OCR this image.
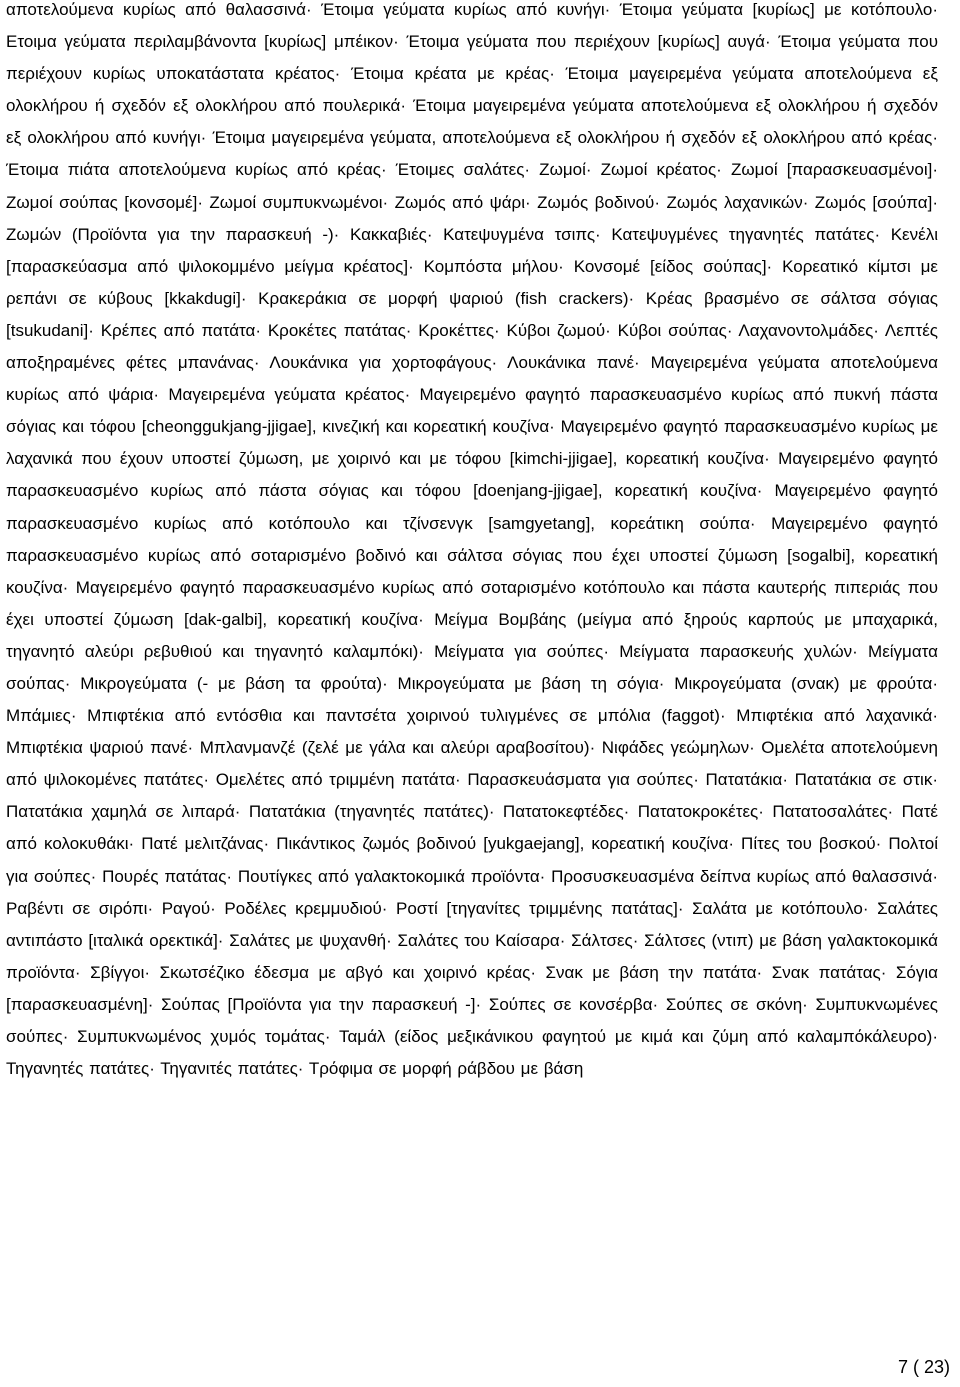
αποτελούμενα κυρίως από θαλασσινά· Έτοιμα γεύματα κυρίως από κυνήγι· Έτοιμα γεύματα [κυρίως] με κοτόπουλο· Ετοιμα γεύματα περιλαμβάνοντα [κυρίως] μπέικον· Έτοιμα γεύματα που περιέχουν [κυρίως] αυγά· Έτοιμα γεύματα που περιέχουν κυρίως υποκατάστατα κρέατος· Έτοιμα κρέατα με κρέας· Έτοιμα μαγειρεμένα γεύματα αποτελούμενα εξ ολοκλήρου ή σχεδόν εξ ολοκλήρου από πουλερικά· Έτοιμα μαγειρεμένα γεύματα αποτελούμενα εξ ολοκλήρου ή σχεδόν εξ ολοκλήρου από κυνήγι· Έτοιμα μαγειρεμένα γεύματα, αποτελούμενα εξ ολοκλήρου ή σχεδόν εξ ολοκλήρου από κρέας· Έτοιμα πιάτα αποτελούμενα κυρίως από κρέας· Έτοιμες σαλάτες· Ζωμοί· Ζωμοί κρέατος· Ζωμοί [παρασκευασμένοι]· Ζωμοί σούπας [κονσομέ]· Ζωμοί συμπυκνωμένοι· Ζωμός από ψάρι· Ζωμός βοδινού· Ζωμός λαχανικών· Ζωμός [σούπα]· Ζωμών (Προϊόντα για την παρασκευή -)· Κακκαβιές· Κατεψυγμένα τσιπς· Κατεψυγμένες τηγανητές πατάτες· Κενέλι [παρασκεύασμα από ψιλοκομμένο μείγμα κρέατος]· Κομπόστα μήλου· Κονσομέ [είδος σούπας]· Κορεατικό κίμτσι με ρεπάνι σε κύβους [kkakdugi]· Κρακεράκια σε μορφή ψαριού (fish crackers)· Κρέας βρασμένο σε σάλτσα σόγιας [tsukudani]· Κρέπες από πατάτα· Κροκέτες πατάτας· Κροκέττες· Κύβοι ζωμού· Κύβοι σούπας· Λαχανοντολμάδες· Λεπτές αποξηραμένες φέτες μπανάνας· Λουκάνικα για χορτοφάγους· Λουκάνικα πανέ· Μαγειρεμένα γεύματα αποτελούμενα κυρίως από ψάρια· Μαγειρεμένα γεύματα κρέατος· Μαγειρεμένο φαγητό παρασκευασμένο κυρίως από πυκνή πάστα σόγιας και τόφου [cheonggukjang-jjigae], κινεζική και κορεατική κουζίνα· Μαγειρεμένο φαγητό παρασκευασμένο κυρίως με λαχανικά που έχουν υποστεί ζύμωση, με χοιρινό και με τόφου [kimchi-jjigae], κορεατική κουζίνα· Μαγειρεμένο φαγητό παρασκευασμένο κυρίως από πάστα σόγιας και τόφου [doenjang-jjigae], κορεατική κουζίνα· Μαγειρεμένο φαγητό παρασκευασμένο κυρίως από κοτόπουλο και τζίνσενγκ [samgyetang], κορεάτικη σούπα· Μαγειρεμένο φαγητό παρασκευασμένο κυρίως από σοταρισμένο βοδινό και σάλτσα σόγιας που έχει υποστεί ζύμωση [sogalbi], κορεατική κουζίνα· Μαγειρεμένο φαγητό παρασκευασμένο κυρίως από σοταρισμένο κοτόπουλο και πάστα καυτερής πιπεριάς που έχει υποστεί ζύμωση [dak-galbi], κορεατική κουζίνα· Μείγμα Βομβάης (μείγμα από ξηρούς καρπούς με μπαχαρικά, τηγανητό αλεύρι ρεβυθιού και τηγανητό καλαμπόκι)· Μείγματα για σούπες· Μείγματα παρασκευής χυλών· Μείγματα σούπας· Μικρογεύματα (- με βάση τα φρούτα)· Μικρογεύματα με βάση τη σόγια· Μικρογεύματα (σνακ) με φρούτα· Μπάμιες· Μπιφτέκια από εντόσθια και παντσέτα χοιρινού τυλιγμένες σε μπόλια (faggot)· Μπιφτέκια από λαχανικά· Μπιφτέκια ψαριού πανέ· Μπλανμανζέ (ζελέ με γάλα και αλεύρι αραβοσίτου)· Νιφάδες γεώμηλων· Ομελέτα αποτελούμενη από ψιλοκομένες πατάτες· Ομελέτες από τριμμένη πατάτα· Παρασκευάσματα για σούπες· Πατατάκια· Πατατάκια σε στικ· Πατατάκια χαμηλά σε λιπαρά· Πατατάκια (τηγανητές πατάτες)· Πατατοκεφτέδες· Πατατοκροκέτες· Πατατοσαλάτες· Πατέ από κολοκυθάκι· Πατέ μελιτζάνας· Πικάντικος ζωμός βοδινού [yukgaejang], κορεατική κουζίνα· Πίτες του βοσκού· Πολτοί για σούπες· Πουρές πατάτας· Πουτίγκες από γαλακτοκομικά προϊόντα· Προσυσκευασμένα δείπνα κυρίως από θαλασσινά· Ραβέντι σε σιρόπι· Ραγού· Ροδέλες κρεμμυδιού· Ροστί [τηγανίτες τριμμένης πατάτας]· Σαλάτα με κοτόπουλο· Σαλάτες αντιπάστο [ιταλικά ορεκτικά]· Σαλάτες με ψυχανθή· Σαλάτες του Καίσαρα· Σάλτσες· Σάλτσες (ντιπ) με βάση γαλακτοκομικά προϊόντα· Σβίγγοι· Σκωτσέζικο έδεσμα με αβγό και χοιρινό κρέας· Σνακ με βάση την πατάτα· Σνακ πατάτας· Σόγια [παρασκευασμένη]· Σούπας [Προϊόντα για την παρασκευή -]· Σούπες σε κονσέρβα· Σούπες σε σκόνη· Συμπυκνωμένες σούπες· Συμπυκνωμένος χυμός τομάτας· Ταμάλ (είδος μεξικάνικου φαγητού με κιμά και ζύμη από καλαμπόκάλευρο)· Τηγανητές πατάτες· Τηγανιτές πατάτες· Τρόφιμα σε μορφή ράβδου με βάση

7 ( 23)
